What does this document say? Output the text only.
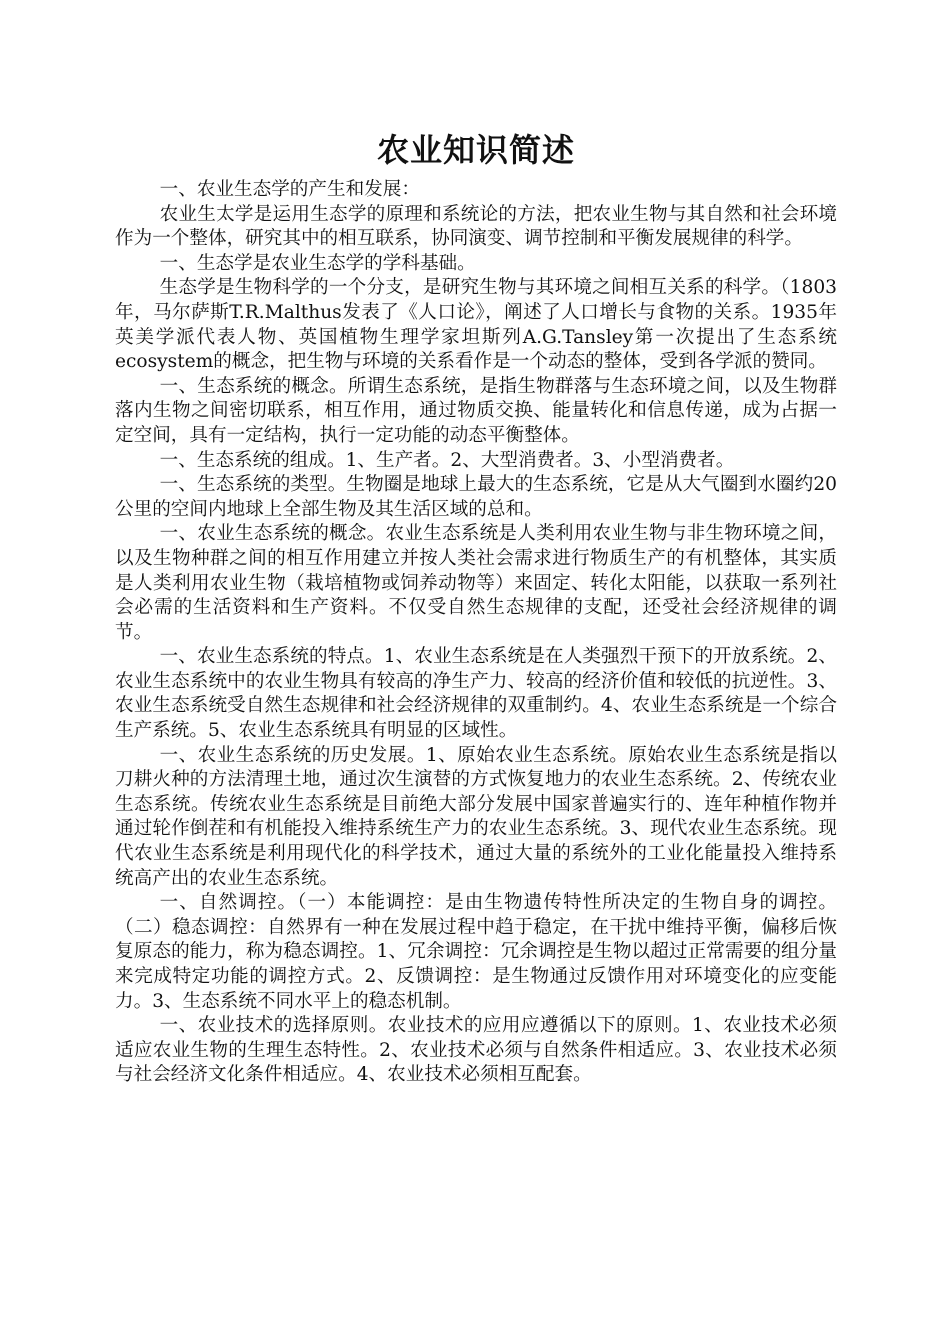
农业知识简述

一、农业生态学的产生和发展：

农业生太学是运用生态学的原理和系统论的方法，把农业生物与其自然和社会环境作为一个整体，研究其中的相互联系，协同演变、调节控制和平衡发展规律的科学。

一、生态学是农业生态学的学科基础。

生态学是生物科学的一个分支，是研究生物与其环境之间相互关系的科学。（1803年，马尔萨斯T.R.Malthus发表了《人口论》，阐述了人口增长与食物的关系。1935年英美学派代表人物、英国植物生理学家坦斯列A.G.Tansley第一次提出了生态系统ecosystem的概念，把生物与环境的关系看作是一个动态的整体，受到各学派的赞同。

一、生态系统的概念。所谓生态系统，是指生物群落与生态环境之间，以及生物群落内生物之间密切联系，相互作用，通过物质交换、能量转化和信息传递，成为占据一定空间，具有一定结构，执行一定功能的动态平衡整体。

一、生态系统的组成。1、生产者。2、大型消费者。3、小型消费者。

一、生态系统的类型。生物圈是地球上最大的生态系统，它是从大气圈到水圈约20公里的空间内地球上全部生物及其生活区域的总和。

一、农业生态系统的概念。农业生态系统是人类利用农业生物与非生物环境之间，以及生物种群之间的相互作用建立并按人类社会需求进行物质生产的有机整体，其实质是人类利用农业生物（栽培植物或饲养动物等）来固定、转化太阳能，以获取一系列社会必需的生活资料和生产资料。不仅受自然生态规律的支配，还受社会经济规律的调节。

一、农业生态系统的特点。1、农业生态系统是在人类强烈干预下的开放系统。2、农业生态系统中的农业生物具有较高的净生产力、较高的经济价值和较低的抗逆性。3、农业生态系统受自然生态规律和社会经济规律的双重制约。4、农业生态系统是一个综合生产系统。5、农业生态系统具有明显的区域性。

一、农业生态系统的历史发展。1、原始农业生态系统。原始农业生态系统是指以刀耕火种的方法清理土地，通过次生演替的方式恢复地力的农业生态系统。2、传统农业生态系统。传统农业生态系统是目前绝大部分发展中国家普遍实行的、连年种植作物并通过轮作倒茬和有机能投入维持系统生产力的农业生态系统。3、现代农业生态系统。现代农业生态系统是利用现代化的科学技术，通过大量的系统外的工业化能量投入维持系统高产出的农业生态系统。

一、自然调控。（一）本能调控：是由生物遗传特性所决定的生物自身的调控。（二）稳态调控：自然界有一种在发展过程中趋于稳定，在干扰中维持平衡，偏移后恢复原态的能力，称为稳态调控。1、冗余调控：冗余调控是生物以超过正常需要的组分量来完成特定功能的调控方式。2、反馈调控：是生物通过反馈作用对环境变化的应变能力。3、生态系统不同水平上的稳态机制。

一、农业技术的选择原则。农业技术的应用应遵循以下的原则。1、农业技术必须适应农业生物的生理生态特性。2、农业技术必须与自然条件相适应。3、农业技术必须与社会经济文化条件相适应。4、农业技术必须相互配套。
